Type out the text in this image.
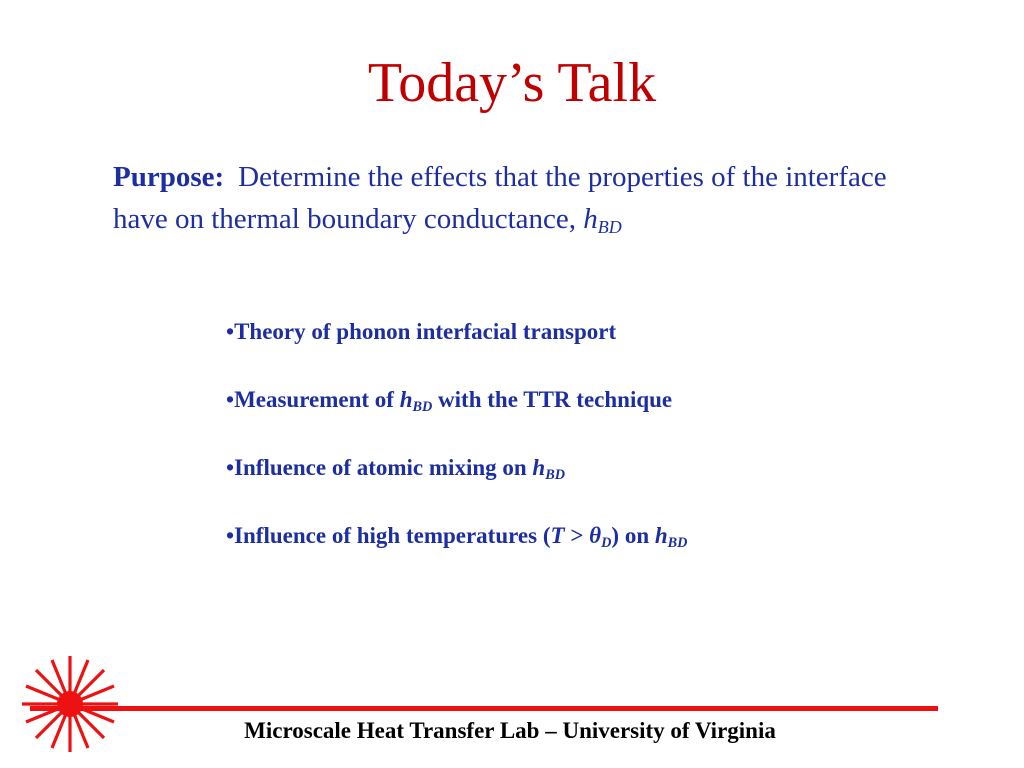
Today’s Talk
Purpose: Determine the effects that the properties of the interface have on thermal boundary conductance, $h_{BD}$
•Theory of phonon interfacial transport
•Measurement of $h_{BD}$ with the TTR technique
•Influence of atomic mixing on $h_{BD}$
•Influence of high temperatures $(T > \theta_D)$ on $h_{BD}$
Microscale Heat Transfer Lab – University of Virginia
